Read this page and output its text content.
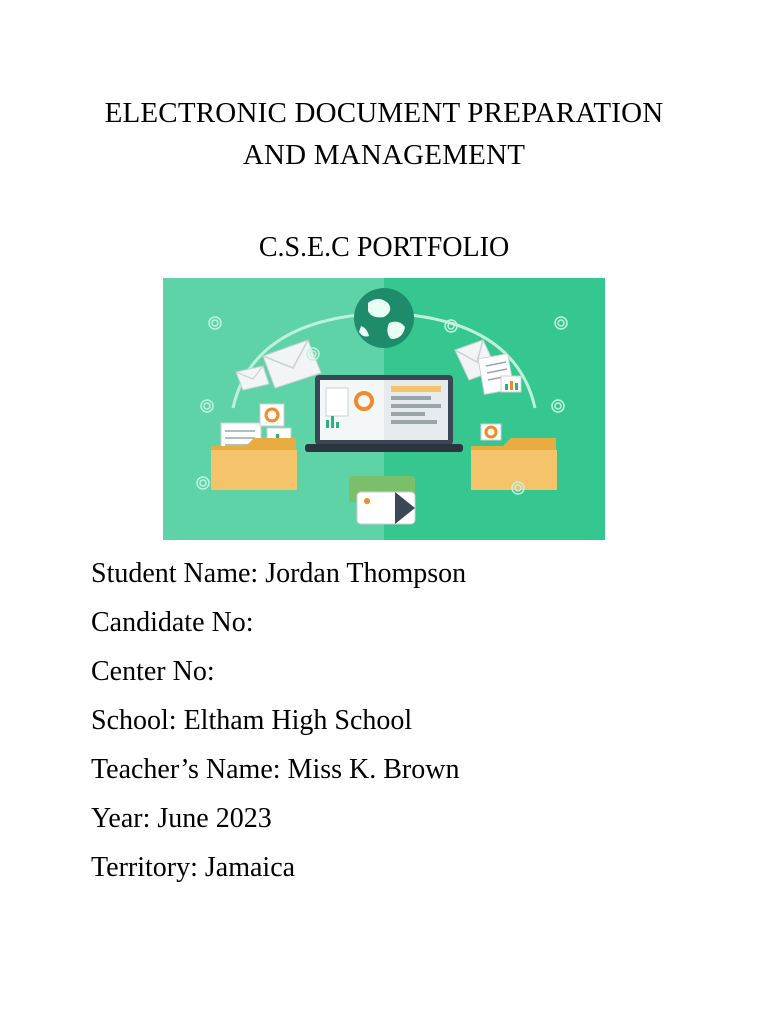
ELECTRONIC DOCUMENT PREPARATION
AND MANAGEMENT
C.S.E.C PORTFOLIO
Student Name: Jordan Thompson
Candidate No:
Center No:
School: Eltham High School
Teacher’s Name: Miss K. Brown
Year: June 2023
Territory: Jamaica
